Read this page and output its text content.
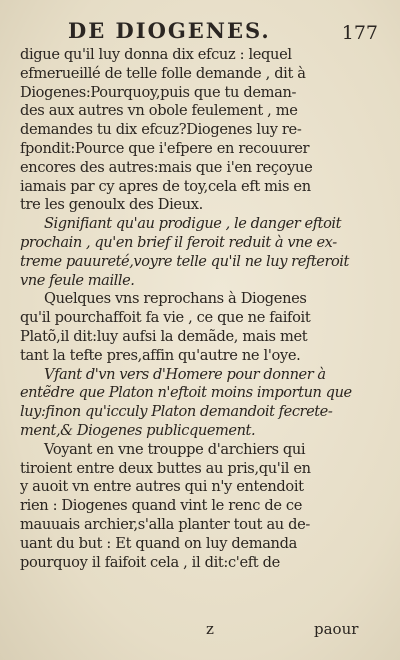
DE DIOGENES.	177
digue qu'il luy donna dix efcuz : lequel
efmerueillé de telle folle demande , dit à
Diogenes:Pourquoy,puis que tu deman-
des aux autres vn obole feulement , me
demandes tu dix efcuz?Diogenes luy re-
fpondit:Pource que i'efpere en recouurer
encores des autres:mais que i'en reçoyue
iamais par cy apres de toy,cela eft mis en
tre les genoulx des Dieux.
Signifiant qu'au prodigue , le danger eftoit
prochain , qu'en brief il feroit reduit à vne ex-
treme pauureté,voyre telle qu'il ne luy refteroit
vne feule maille.
Quelques vns reprochans à Diogenes
qu'il pourchaffoit fa vie , ce que ne faifoit
Platõ,il dit:luy aufsi la demãde, mais met
tant la tefte pres,affin qu'autre ne l'oye.
Vfant d'vn vers d'Homere pour donner à
entẽdre que Platon n'eftoit moins importun que
luy:finon qu'icculy Platon demandoit fecrete-
ment,& Diogenes publicquement.
Voyant en vne trouppe d'archiers qui
tiroient entre deux buttes au pris,qu'il en
y auoit vn entre autres qui n'y entendoit
rien : Diogenes quand vint le renc de ce
mauuais archier,s'alla planter tout au de-
uant du but : Et quand on luy demanda
pourquoy il faifoit cela , il dit:c'eft de
z	paour
